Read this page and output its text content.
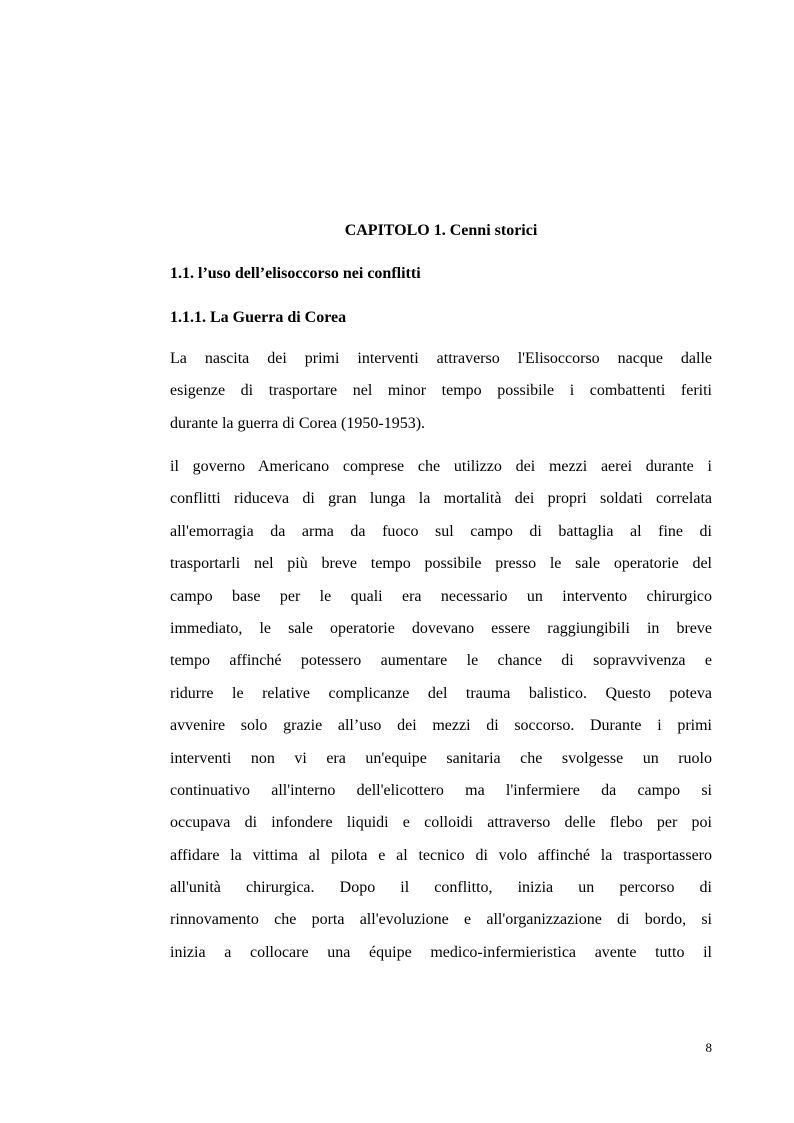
CAPITOLO 1. Cenni storici
1.1. l’uso dell’elisoccorso nei conflitti
1.1.1. La Guerra di Corea

La nascita dei primi interventi attraverso l'Elisoccorso nacque dalle
esigenze di trasportare nel minor tempo possibile i combattenti feriti
durante la guerra di Corea (1950-1953).

il governo Americano comprese che utilizzo dei mezzi aerei durante i
conflitti riduceva di gran lunga la mortalità dei propri soldati correlata
all'emorragia da arma da fuoco sul campo di battaglia al fine di
trasportarli nel più breve tempo possibile presso le sale operatorie del
campo base per le quali era necessario un intervento chirurgico
immediato, le sale operatorie dovevano essere raggiungibili in breve
tempo affinché potessero aumentare le chance di sopravvivenza e
ridurre le relative complicanze del trauma balistico. Questo poteva
avvenire solo grazie all’uso dei mezzi di soccorso. Durante i primi
interventi non vi era un'equipe sanitaria che svolgesse un ruolo
continuativo all'interno dell'elicottero ma l'infermiere da campo si
occupava di infondere liquidi e colloidi attraverso delle flebo per poi
affidare la vittima al pilota e al tecnico di volo affinché la trasportassero
all'unità chirurgica. Dopo il conflitto, inizia un percorso di
rinnovamento che porta all'evoluzione e all'organizzazione di bordo, si
inizia a collocare una équipe medico-infermieristica avente tutto il

8
